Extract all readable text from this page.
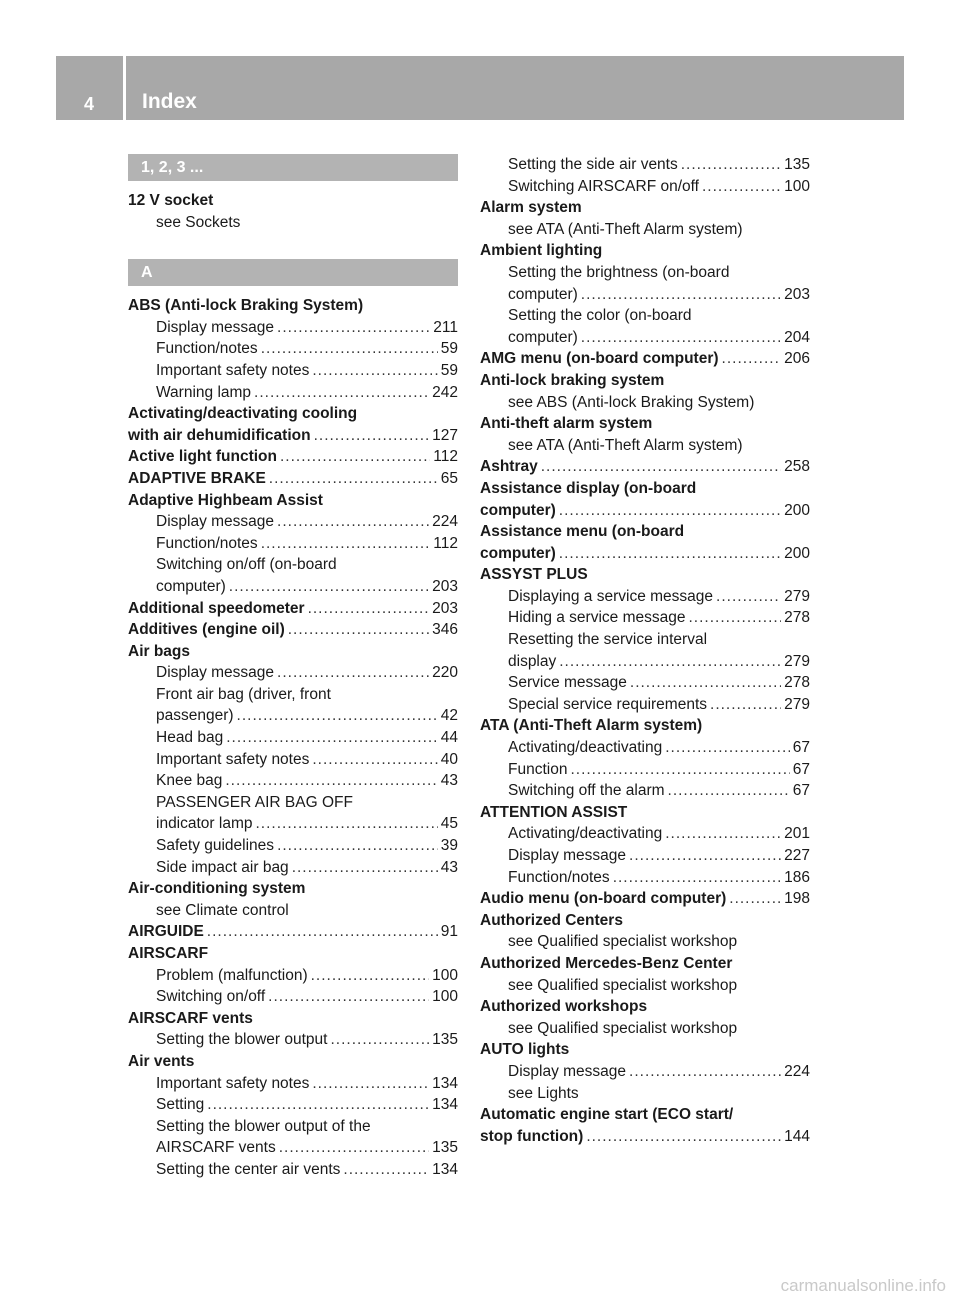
4 Index
1, 2, 3 ...
12 V socket
see Sockets
A
ABS (Anti-lock Braking System)
Display message .....	211
Function/notes .....	59
Important safety notes .....	59
Warning lamp .....	242
Activating/deactivating cooling
with air dehumidification .....	127
Active light function .....	112
ADAPTIVE BRAKE .....	65
Adaptive Highbeam Assist
Display message .....	224
Function/notes .....	112
Switching on/off (on-board
computer) .....	203
Additional speedometer .....	203
Additives (engine oil) .....	346
Air bags
Display message .....	220
Front air bag (driver, front
passenger) .....	42
Head bag .....	44
Important safety notes .....	40
Knee bag .....	43
PASSENGER AIR BAG OFF
indicator lamp .....	45
Safety guidelines .....	39
Side impact air bag .....	43
Air-conditioning system
see Climate control
AIRGUIDE .....	91
AIRSCARF
Problem (malfunction) .....	100
Switching on/off .....	100
AIRSCARF vents
Setting the blower output .....	135
Air vents
Important safety notes .....	134
Setting .....	134
Setting the blower output of the
AIRSCARF vents .....	135
Setting the center air vents .....	134
Setting the side air vents .....	135
Switching AIRSCARF on/off .....	100
Alarm system
see ATA (Anti-Theft Alarm system)
Ambient lighting
Setting the brightness (on-board
computer) .....	203
Setting the color (on-board
computer) .....	204
AMG menu (on-board computer) .....	206
Anti-lock braking system
see ABS (Anti-lock Braking System)
Anti-theft alarm system
see ATA (Anti-Theft Alarm system)
Ashtray .....	258
Assistance display (on-board
computer) .....	200
Assistance menu (on-board
computer) .....	200
ASSYST PLUS
Displaying a service message .....	279
Hiding a service message .....	278
Resetting the service interval
display .....	279
Service message .....	278
Special service requirements .....	279
ATA (Anti-Theft Alarm system)
Activating/deactivating .....	67
Function .....	67
Switching off the alarm .....	67
ATTENTION ASSIST
Activating/deactivating .....	201
Display message .....	227
Function/notes .....	186
Audio menu (on-board computer) .....	198
Authorized Centers
see Qualified specialist workshop
Authorized Mercedes-Benz Center
see Qualified specialist workshop
Authorized workshops
see Qualified specialist workshop
AUTO lights
Display message .....	224
see Lights
Automatic engine start (ECO start/
stop function) .....	144
carmanualsonline.info
